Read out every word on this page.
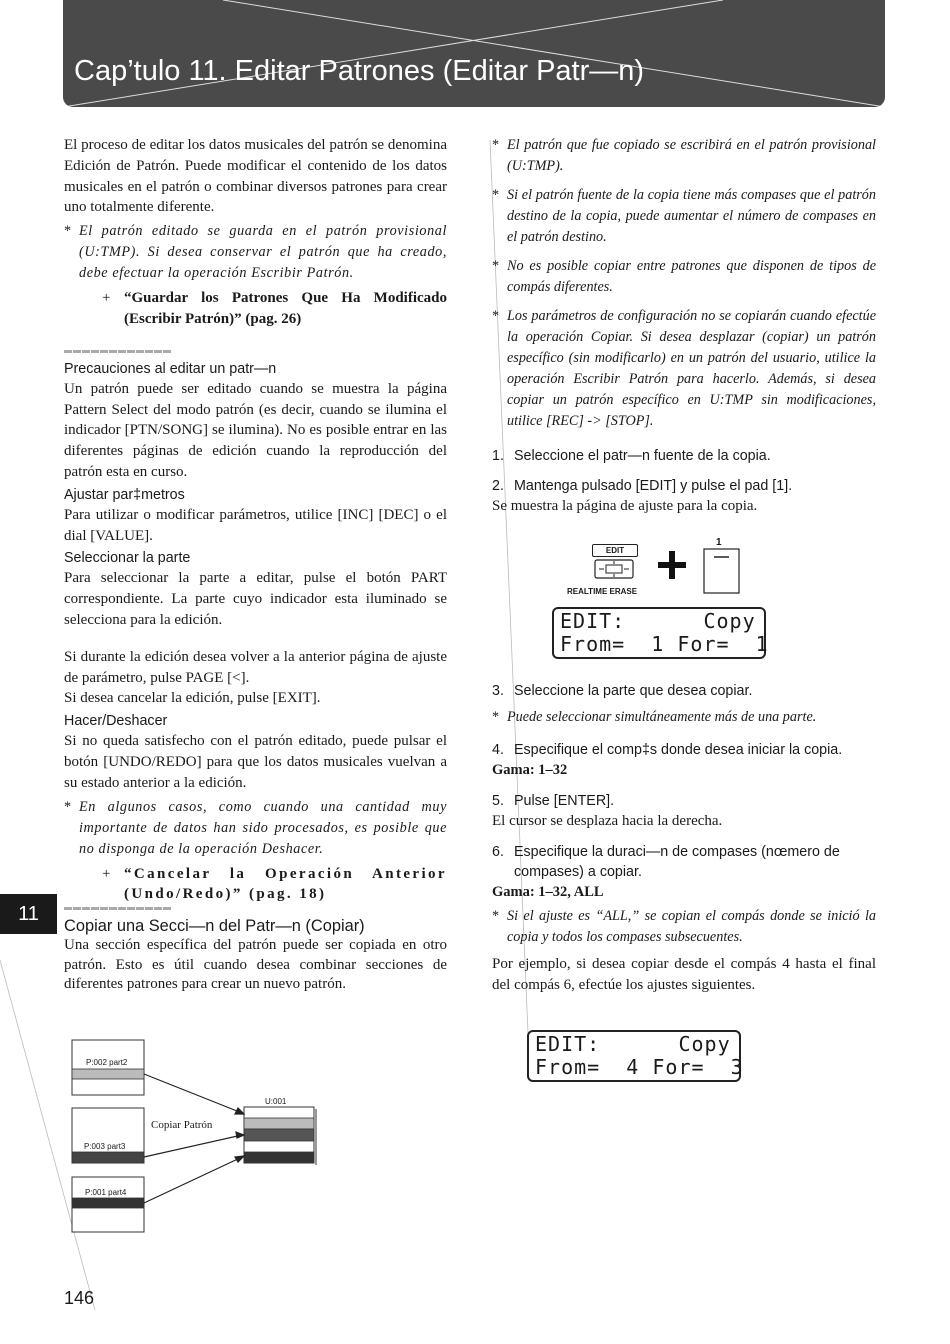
Cap’tulo 11. Editar Patrones (Editar Patr—n)

El proceso de editar los datos musicales del patrón se denomina Edición de Patrón. Puede modificar el contenido de los datos musicales en el patrón o combinar diversos patrones para crear uno totalmente diferente.

* El patrón editado se guarda en el patrón provisional (U:TMP). Si desea conservar el patrón que ha creado, debe efectuar la operación Escribir Patrón.
+ “Guardar los Patrones Que Ha Modificado (Escribir Patrón)” (pag. 26)

Precauciones al editar un patr—n

Un patrón puede ser editado cuando se muestra la página Pattern Select del modo patrón (es decir, cuando se ilumina el indicador [PTN/SONG] se ilumina). No es posible entrar en las diferentes páginas de edición cuando la reproducción del patrón esta en curso.

Ajustar par‡metros

Para utilizar o modificar parámetros, utilice [INC] [DEC] o el dial [VALUE].

Seleccionar la parte

Para seleccionar la parte a editar, pulse el botón PART correspondiente. La parte cuyo indicador esta iluminado se selecciona para la edición.

Si durante la edición desea volver a la anterior página de ajuste de parámetro, pulse PAGE [<].

Si desea cancelar la edición, pulse [EXIT].

Hacer/Deshacer

Si no queda satisfecho con el patrón editado, puede pulsar el botón [UNDO/REDO] para que los datos musicales vuelvan a su estado anterior a la edición.

* En algunos casos, como cuando una cantidad muy importante de datos han sido procesados, es posible que no disponga de la operación Deshacer.
+ “Cancelar la Operación Anterior (Undo/Redo)” (pag. 18)

Copiar una Secci—n del Patr—n (Copiar)

Una sección específica del patrón puede ser copiada en otro patrón. Esto es útil cuando desea combinar secciones de diferentes patrones para crear un nuevo patrón.

P:002 part2
P:003 part3
P:001 part4
U:001
Copiar Patrón
* El patrón que fue copiado se escribirá en el patrón provisional (U:TMP).
* Si el patrón fuente de la copia tiene más compases que el patrón destino de la copia, puede aumentar el número de compases en el patrón destino.
* No es posible copiar entre patrones que disponen de tipos de compás diferentes.
* Los parámetros de configuración no se copiarán cuando efectúe la operación Copiar. Si desea desplazar (copiar) un patrón específico (sin modificarlo) en un patrón del usuario, utilice la operación Escribir Patrón para hacerlo. Además, si desea copiar un patrón específico en U:TMP sin modificaciones, utilice [REC] -> [STOP].
1. Seleccione el patr—n fuente de la copia.
2. Mantenga pulsado [EDIT] y pulse el pad [1].

Se muestra la página de ajuste para la copia.

EDIT
REALTIME ERASE
1
EDIT:      Copy
From=  1 For=  1
3. Seleccione la parte que desea copiar.
* Puede seleccionar simultáneamente más de una parte.
4. Especifique el comp‡s donde desea iniciar la copia.

Gama: 1–32

5. Pulse [ENTER].

El cursor se desplaza hacia la derecha.

6. Especifique la duraci—n de compases (nœmero de compases) a copiar.

Gama: 1–32, ALL

* Si el ajuste es “ALL,” se copian el compás donde se inició la copia y todos los compases subsecuentes.

Por ejemplo, si desea copiar desde el compás 4 hasta el final del compás 6, efectúe los ajustes siguientes.

EDIT:      Copy
From=  4 For=  3
11
146
